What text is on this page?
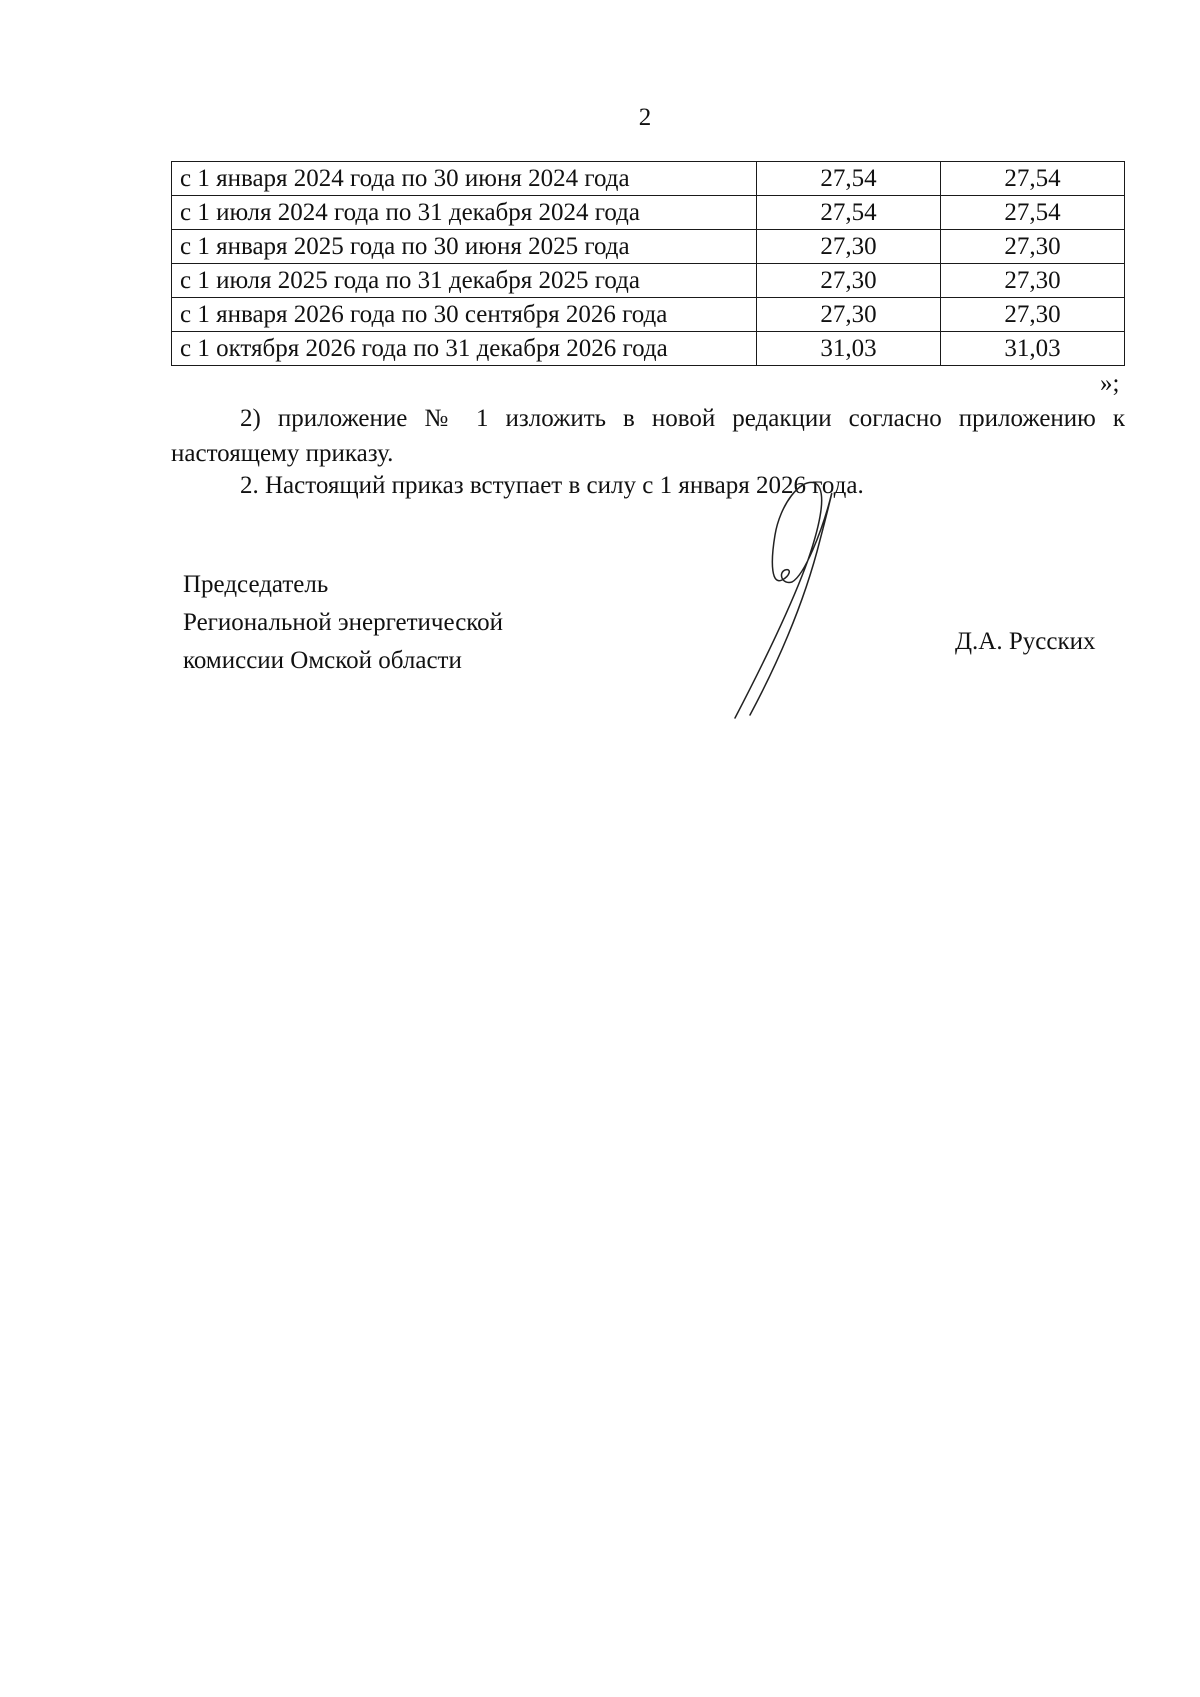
2
с 1 января 2024 года по 30 июня 2024 года	27,54	27,54
с 1 июля 2024 года по 31 декабря 2024 года	27,54	27,54
с 1 января 2025 года по 30 июня 2025 года	27,30	27,30
с 1 июля 2025 года по 31 декабря 2025 года	27,30	27,30
с 1 января 2026 года по 30 сентября 2026 года	27,30	27,30
с 1 октября 2026 года по 31 декабря 2026 года	31,03	31,03
»;
2) приложение № 1 изложить в новой редакции согласно приложению к настоящему приказу.
2. Настоящий приказ вступает в силу с 1 января 2026 года.
Председатель
Региональной энергетической
комиссии Омской области
Д.А. Русских
